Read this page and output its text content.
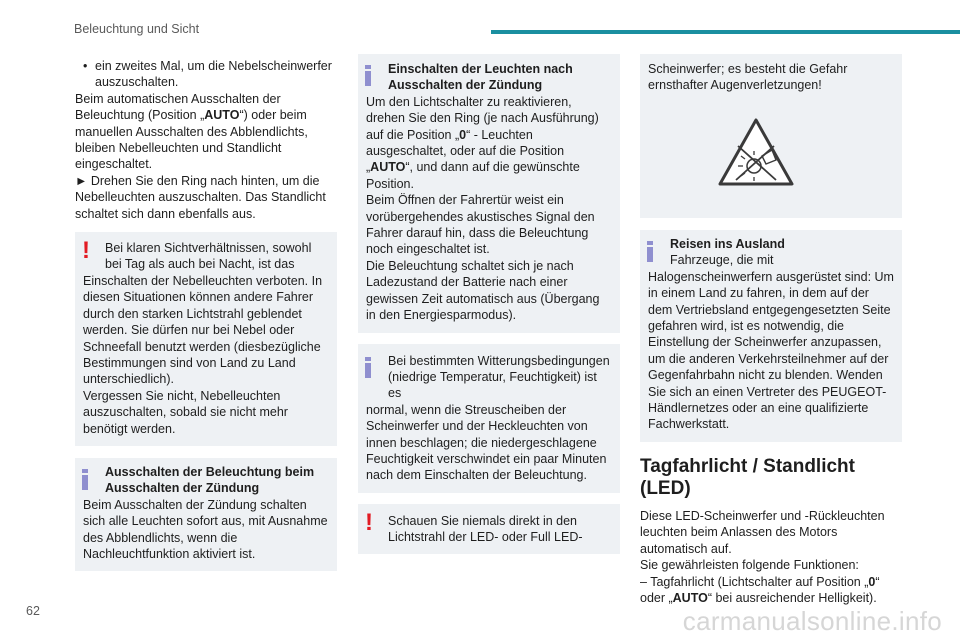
Beleuchtung und Sicht

• ein zweites Mal, um die Nebelscheinwerfer auszuschalten.

Beim automatischen Ausschalten der Beleuchtung (Position „AUTO“) oder beim manuellen Ausschalten des Abblendlichts, bleiben Nebelleuchten und Standlicht eingeschaltet.

► Drehen Sie den Ring nach hinten, um die Nebelleuchten auszuschalten. Das Standlicht schaltet sich dann ebenfalls aus.

!	Bei klaren Sichtverhältnissen, sowohl bei Tag als auch bei Nacht, ist das

Einschalten der Nebelleuchten verboten. In diesen Situationen können andere Fahrer durch den starken Lichtstrahl geblendet werden. Sie dürfen nur bei Nebel oder Schneefall benutzt werden (diesbezügliche Bestimmungen sind von Land zu Land unterschiedlich).

Vergessen Sie nicht, Nebelleuchten auszuschalten, sobald sie nicht mehr benötigt werden.

Ausschalten der Beleuchtung beim Ausschalten der Zündung

Beim Ausschalten der Zündung schalten sich alle Leuchten sofort aus, mit Ausnahme des Abblendlichts, wenn die Nachleuchtfunktion aktiviert ist.

Einschalten der Leuchten nach Ausschalten der Zündung

Um den Lichtschalter zu reaktivieren, drehen Sie den Ring (je nach Ausführung) auf die Position „0“ - Leuchten ausgeschaltet, oder auf die Position „AUTO“, und dann auf die gewünschte Position.

Beim Öffnen der Fahrertür weist ein vorübergehendes akustisches Signal den Fahrer darauf hin, dass die Beleuchtung noch eingeschaltet ist.

Die Beleuchtung schaltet sich je nach Ladezustand der Batterie nach einer gewissen Zeit automatisch aus (Übergang in den Energiesparmodus).

Bei bestimmten Witterungsbedingungen (niedrige Temperatur, Feuchtigkeit) ist es

normal, wenn die Streuscheiben der Scheinwerfer und der Heckleuchten von innen beschlagen; die niedergeschlagene Feuchtigkeit verschwindet ein paar Minuten nach dem Einschalten der Beleuchtung.

!	Schauen Sie niemals direkt in den Lichtstrahl der LED- oder Full LED-

Scheinwerfer; es besteht die Gefahr ernsthafter Augenverletzungen!

Reisen ins Ausland

Fahrzeuge, die mit

Halogenscheinwerfern ausgerüstet sind: Um in einem Land zu fahren, in dem auf der dem Vertriebsland entgegengesetzten Seite gefahren wird, ist es notwendig, die Einstellung der Scheinwerfer anzupassen, um die anderen Verkehrsteilnehmer auf der Gegenfahrbahn nicht zu blenden. Wenden Sie sich an einen Vertreter des PEUGEOT-Händlernetzes oder an eine qualifizierte Fachwerkstatt.

Tagfahrlicht / Standlicht (LED)

Diese LED-Scheinwerfer und -Rückleuchten leuchten beim Anlassen des Motors automatisch auf.

Sie gewährleisten folgende Funktionen:

– Tagfahrlicht (Lichtschalter auf Position „0“ oder „AUTO“ bei ausreichender Helligkeit).

62	carmanualsonline.info
